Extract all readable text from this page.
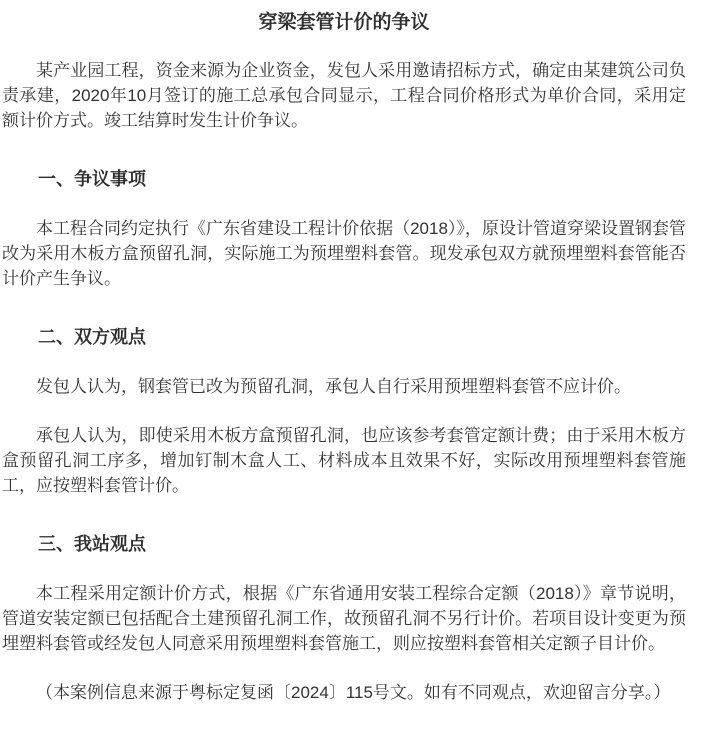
穿梁套管计价的争议

某产业园工程，资金来源为企业资金，发包人采用邀请招标方式，确定由某建筑公司负责承建，2020年10月签订的施工总承包合同显示，工程合同价格形式为单价合同，采用定额计价方式。竣工结算时发生计价争议。

一、争议事项

本工程合同约定执行《广东省建设工程计价依据（2018）》，原设计管道穿梁设置钢套管改为采用木板方盒预留孔洞，实际施工为预埋塑料套管。现发承包双方就预埋塑料套管能否计价产生争议。

二、双方观点

发包人认为，钢套管已改为预留孔洞，承包人自行采用预埋塑料套管不应计价。

承包人认为，即使采用木板方盒预留孔洞，也应该参考套管定额计费；由于采用木板方盒预留孔洞工序多，增加钉制木盒人工、材料成本且效果不好，实际改用预埋塑料套管施工，应按塑料套管计价。

三、我站观点

本工程采用定额计价方式，根据《广东省通用安装工程综合定额（2018）》章节说明，管道安装定额已包括配合土建预留孔洞工作，故预留孔洞不另行计价。若项目设计变更为预埋塑料套管或经发包人同意采用预埋塑料套管施工，则应按塑料套管相关定额子目计价。

（本案例信息来源于粤标定复函〔2024〕115号文。如有不同观点，欢迎留言分享。）
